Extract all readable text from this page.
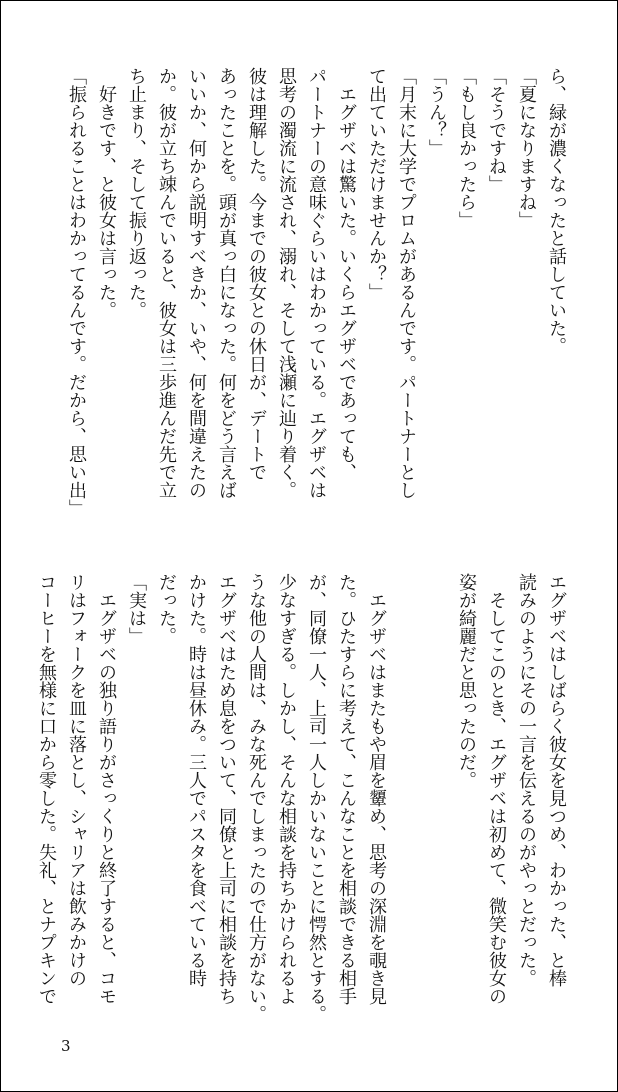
ら、緑が濃くなったと話していた。
「夏になりますね」
「そうですね」
「もし良かったら」
「うん？」
「月末に大学でプロムがあるんです。パートナーとし
て出ていただけませんか？」
　エグザベは驚いた。いくらエグザベであっても、
パートナーの意味ぐらいはわかっている。エグザベは
思考の濁流に流され、溺れ、そして浅瀬に辿り着く。
彼は理解した。今までの彼女との休日が、デートで
あったことを。頭が真っ白になった。何をどう言えば
いいか、何から説明すべきか、いや、何を間違えたの
か。彼が立ち竦んでいると、彼女は三歩進んだ先で立
ち止まり、そして振り返った。
　好きです、と彼女は言った。
「振られることはわかってるんです。だから、思い出」
エグザベはしばらく彼女を見つめ、わかった、と棒
読みのようにその一言を伝えるのがやっとだった。
　そしてこのとき、エグザベは初めて、微笑む彼女の
姿が綺麗だと思ったのだ。

　エグザベはまたもや眉を顰め、思考の深淵を覗き見
た。ひたすらに考えて、こんなことを相談できる相手
が、同僚一人、上司一人しかいないことに愕然とする。
少なすぎる。しかし、そんな相談を持ちかけられるよ
うな他の人間は、みな死んでしまったので仕方がない。
エグザベはため息をついて、同僚と上司に相談を持ち
かけた。時は昼休み。三人でパスタを食べている時
だった。
「実は」
　エグザベの独り語りがさっくりと終了すると、コモ
リはフォークを皿に落とし、シャリアは飲みかけの
コーヒーを無様に口から零した。失礼、とナプキンで
3
